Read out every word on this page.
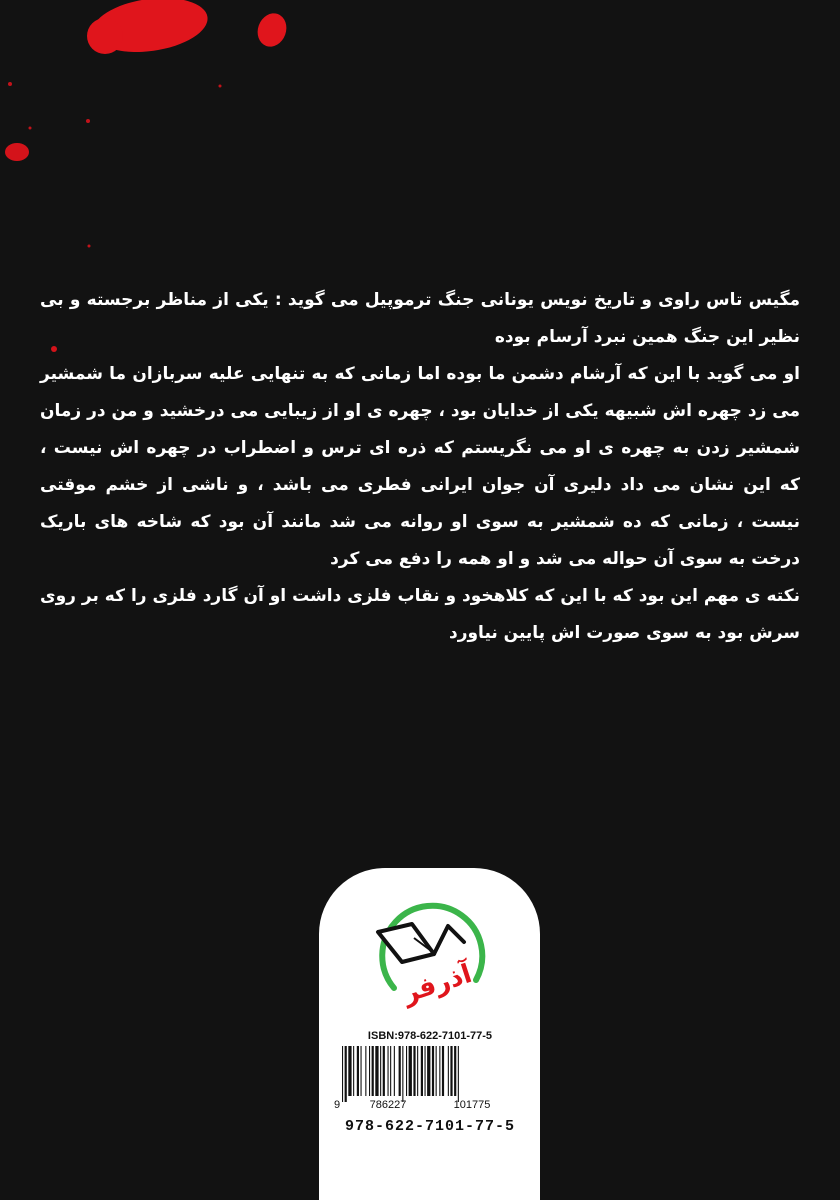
مگیس تاس راوی و تاریخ نویس یونانی جنگ ترموپیل می گوید : یکی از مناظر برجسته و بی نظیر این جنگ همین نبرد آرسام بوده

او می گوید با این که آرشام دشمن ما بوده اما زمانی که به تنهایی علیه سربازان ما شمشیر می زد چهره اش شبیهه یکی از خدایان بود ، چهره ی او از زیبایی می درخشید و من در زمان شمشیر زدن به چهره ی او می نگریستم که ذره ای ترس و اضطراب در چهره اش نیست ، که این نشان می داد دلیری آن جوان ایرانی فطری می باشد ، و ناشی از خشم موقتی نیست ، زمانی که ده شمشیر به سوی او روانه می شد مانند آن بود که شاخه های باریک درخت به سوی آن حواله می شد و او همه را دفع می کرد

نکته ی مهم این بود که با این که کلاهخود و نقاب فلزی داشت او آن گارد فلزی را که بر روی سرش بود به سوی صورت اش پایین نیاورد

آذرفر
ISBN:978-622-7101-77-5
9	786227	101775
978-622-7101-77-5
